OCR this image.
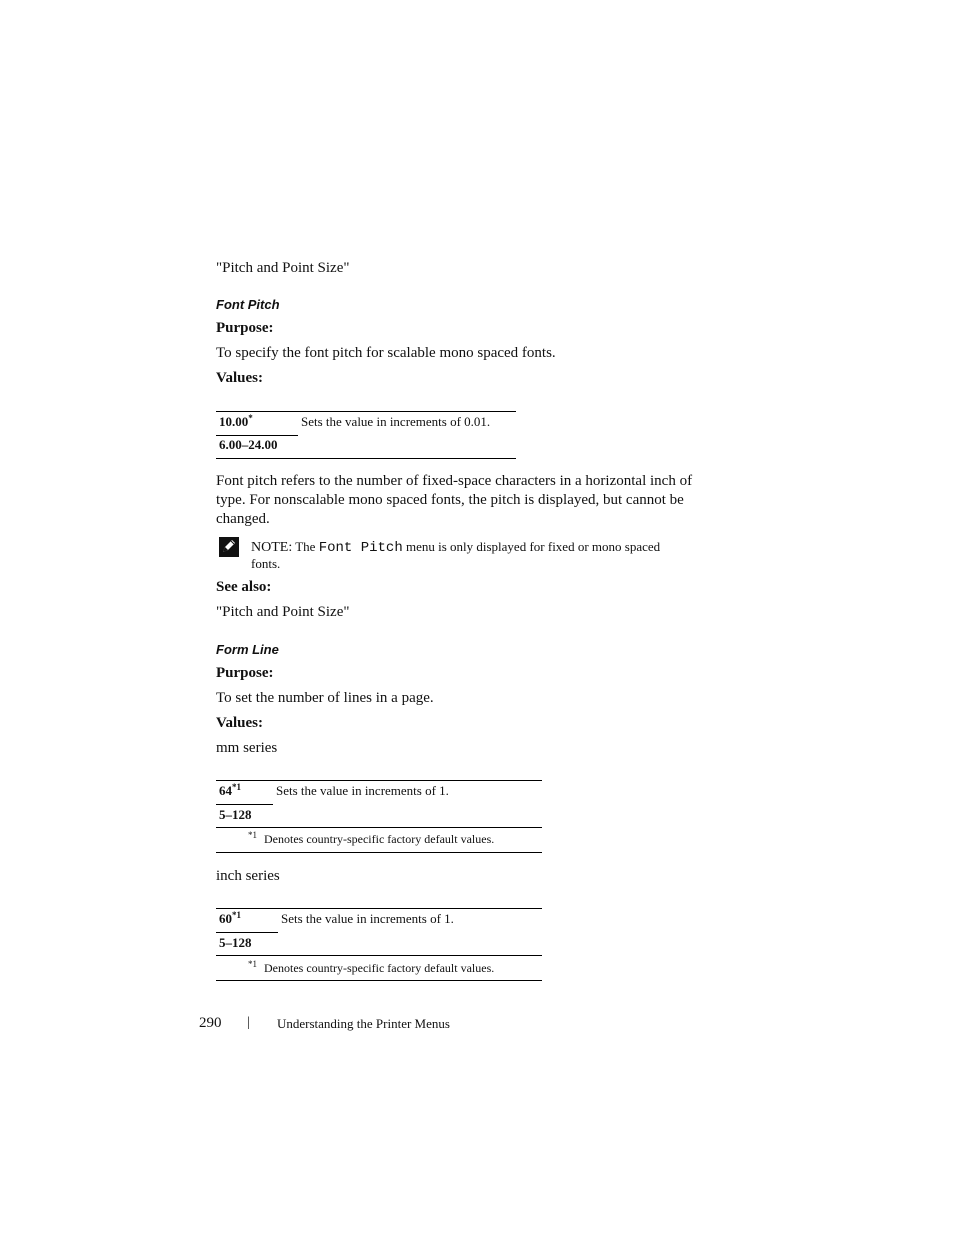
"Pitch and Point Size"
Font Pitch
Purpose:
To specify the font pitch for scalable mono spaced fonts.
Values:
10.00*	Sets the value in increments of 0.01.
6.00–24.00
Font pitch refers to the number of fixed-space characters in a horizontal inch of
type. For nonscalable mono spaced fonts, the pitch is displayed, but cannot be
changed.
NOTE: The Font Pitch menu is only displayed for fixed or mono spaced
fonts.
See also:
"Pitch and Point Size"
Form Line
Purpose:
To set the number of lines in a page.
Values:
mm series
64$^{*1}$	Sets the value in increments of 1.
5–128
$^{*1}$ Denotes country-specific factory default values.
inch series
60$^{*1}$	Sets the value in increments of 1.
5–128
$^{*1}$ Denotes country-specific factory default values.
290 | Understanding the Printer Menus
